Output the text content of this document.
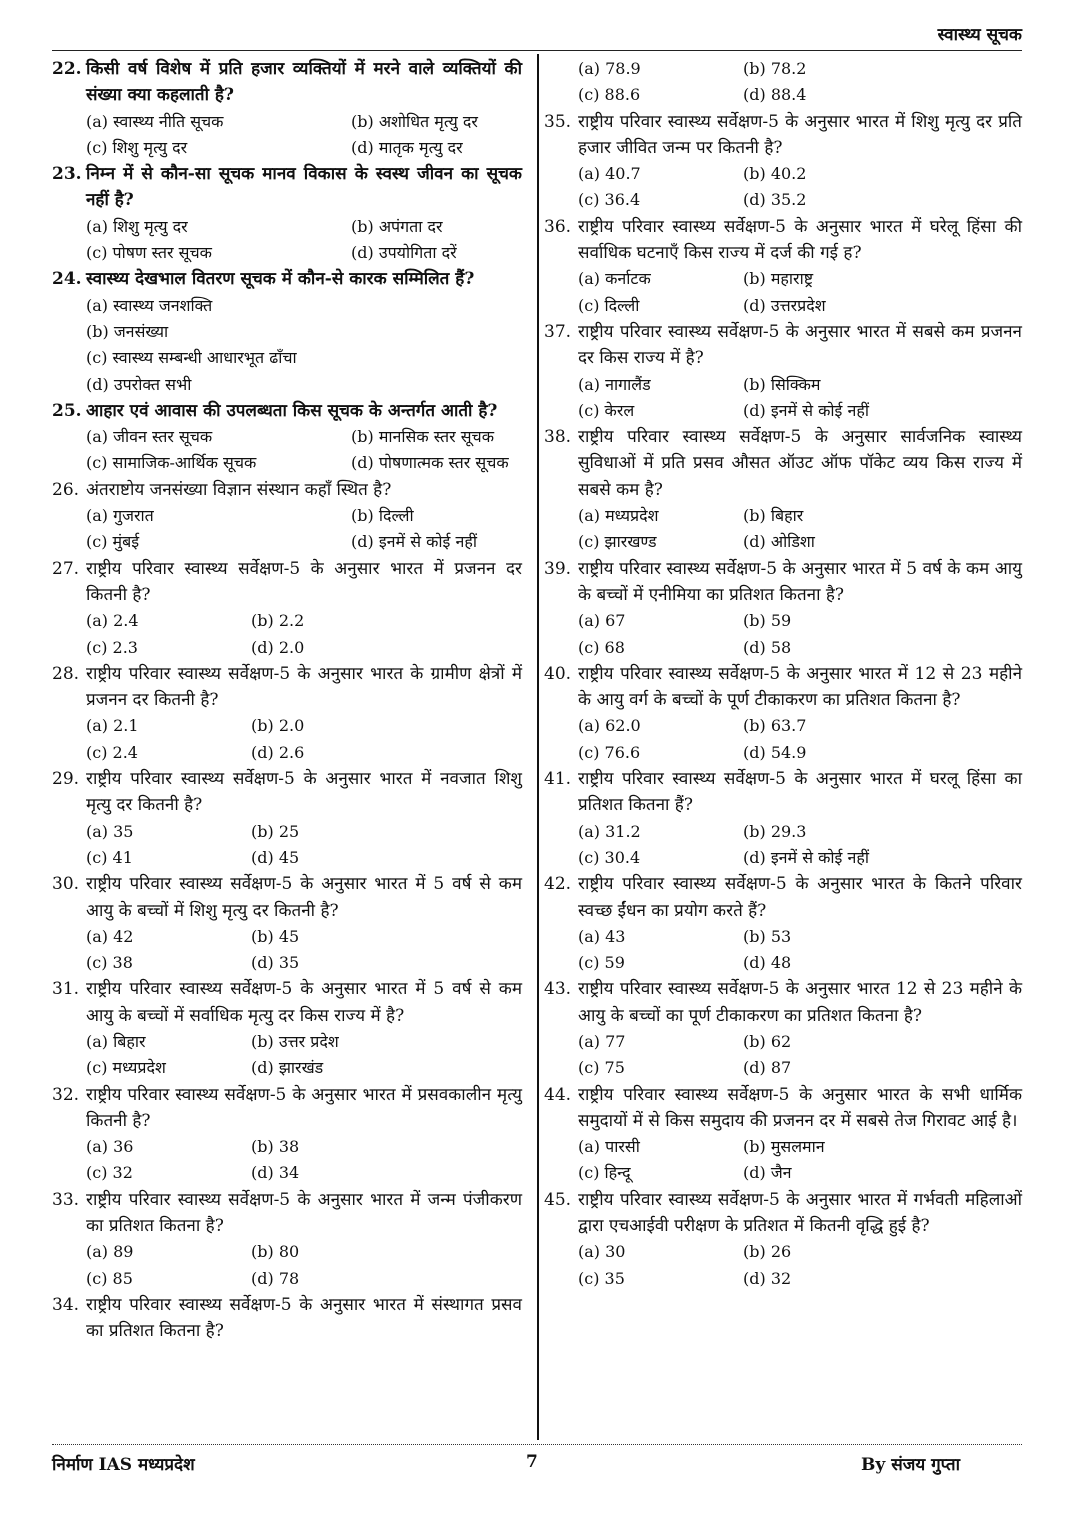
स्वास्थ्य सूचक
22. किसी वर्ष विशेष में प्रति हजार व्यक्तियों में मरने वाले व्यक्तियों की संख्या क्या कहलाती है?
(a) स्वास्थ्य नीति सूचक	(b) अशोधित मृत्यु दर
(c) शिशु मृत्यु दर	(d) मातृक मृत्यु दर
23. निम्न में से कौन-सा सूचक मानव विकास के स्वस्थ जीवन का सूचक नहीं है?
(a) शिशु मृत्यु दर	(b) अपंगता दर
(c) पोषण स्तर सूचक	(d) उपयोगिता दरें
24. स्वास्थ्य देखभाल वितरण सूचक में कौन-से कारक सम्मिलित हैं?
(a) स्वास्थ्य जनशक्ति
(b) जनसंख्या
(c) स्वास्थ्य सम्बन्धी आधारभूत ढाँचा
(d) उपरोक्त सभी
25. आहार एवं आवास की उपलब्धता किस सूचक के अन्तर्गत आती है?
(a) जीवन स्तर सूचक	(b) मानसिक स्तर सूचक
(c) सामाजिक-आर्थिक सूचक	(d) पोषणात्मक स्तर सूचक
26. अंतराष्टोय जनसंख्या विज्ञान संस्थान कहाँ स्थित है?
(a) गुजरात	(b) दिल्ली
(c) मुंबई	(d) इनमें से कोई नहीं
27. राष्ट्रीय परिवार स्वास्थ्य सर्वेक्षण-5 के अनुसार भारत में प्रजनन दर कितनी है?
(a) 2.4	(b) 2.2
(c) 2.3	(d) 2.0
28. राष्ट्रीय परिवार स्वास्थ्य सर्वेक्षण-5 के अनुसार भारत के ग्रामीण क्षेत्रों में प्रजनन दर कितनी है?
(a) 2.1	(b) 2.0
(c) 2.4	(d) 2.6
29. राष्ट्रीय परिवार स्वास्थ्य सर्वेक्षण-5 के अनुसार भारत में नवजात शिशु मृत्यु दर कितनी है?
(a) 35	(b) 25
(c) 41	(d) 45
30. राष्ट्रीय परिवार स्वास्थ्य सर्वेक्षण-5 के अनुसार भारत में 5 वर्ष से कम आयु के बच्चों में शिशु मृत्यु दर कितनी है?
(a) 42	(b) 45
(c) 38	(d) 35
31. राष्ट्रीय परिवार स्वास्थ्य सर्वेक्षण-5 के अनुसार भारत में 5 वर्ष से कम आयु के बच्चों में सर्वाधिक मृत्यु दर किस राज्य में है?
(a) बिहार	(b) उत्तर प्रदेश
(c) मध्यप्रदेश	(d) झारखंड
32. राष्ट्रीय परिवार स्वास्थ्य सर्वेक्षण-5 के अनुसार भारत में प्रसवकालीन मृत्यु कितनी है?
(a) 36	(b) 38
(c) 32	(d) 34
33. राष्ट्रीय परिवार स्वास्थ्य सर्वेक्षण-5 के अनुसार भारत में जन्म पंजीकरण का प्रतिशत कितना है?
(a) 89	(b) 80
(c) 85	(d) 78
34. राष्ट्रीय परिवार स्वास्थ्य सर्वेक्षण-5 के अनुसार भारत में संस्थागत प्रसव का प्रतिशत कितना है?
(a) 78.9	(b) 78.2
(c) 88.6	(d) 88.4
35. राष्ट्रीय परिवार स्वास्थ्य सर्वेक्षण-5 के अनुसार भारत में शिशु मृत्यु दर प्रति हजार जीवित जन्म पर कितनी है?
(a) 40.7	(b) 40.2
(c) 36.4	(d) 35.2
36. राष्ट्रीय परिवार स्वास्थ्य सर्वेक्षण-5 के अनुसार भारत में घरेलू हिंसा की सर्वाधिक घटनाएँ किस राज्य में दर्ज की गई ह?
(a) कर्नाटक	(b) महाराष्ट्र
(c) दिल्ली	(d) उत्तरप्रदेश
37. राष्ट्रीय परिवार स्वास्थ्य सर्वेक्षण-5 के अनुसार भारत में सबसे कम प्रजनन दर किस राज्य में है?
(a) नागालैंड	(b) सिक्किम
(c) केरल	(d) इनमें से कोई नहीं
38. राष्ट्रीय परिवार स्वास्थ्य सर्वेक्षण-5 के अनुसार सार्वजनिक स्वास्थ्य सुविधाओं में प्रति प्रसव औसत ऑउट ऑफ पॉकेट व्यय किस राज्य में सबसे कम है?
(a) मध्यप्रदेश	(b) बिहार
(c) झारखण्ड	(d) ओडिशा
39. राष्ट्रीय परिवार स्वास्थ्य सर्वेक्षण-5 के अनुसार भारत में 5 वर्ष के कम आयु के बच्चों में एनीमिया का प्रतिशत कितना है?
(a) 67	(b) 59
(c) 68	(d) 58
40. राष्ट्रीय परिवार स्वास्थ्य सर्वेक्षण-5 के अनुसार भारत में 12 से 23 महीने के आयु वर्ग के बच्चों के पूर्ण टीकाकरण का प्रतिशत कितना है?
(a) 62.0	(b) 63.7
(c) 76.6	(d) 54.9
41. राष्ट्रीय परिवार स्वास्थ्य सर्वेक्षण-5 के अनुसार भारत में घरलू हिंसा का प्रतिशत कितना हैं?
(a) 31.2	(b) 29.3
(c) 30.4	(d) इनमें से कोई नहीं
42. राष्ट्रीय परिवार स्वास्थ्य सर्वेक्षण-5 के अनुसार भारत के कितने परिवार स्वच्छ ईंधन का प्रयोग करते हैं?
(a) 43	(b) 53
(c) 59	(d) 48
43. राष्ट्रीय परिवार स्वास्थ्य सर्वेक्षण-5 के अनुसार भारत 12 से 23 महीने के आयु के बच्चों का पूर्ण टीकाकरण का प्रतिशत कितना है?
(a) 77	(b) 62
(c) 75	(d) 87
44. राष्ट्रीय परिवार स्वास्थ्य सर्वेक्षण-5 के अनुसार भारत के सभी धार्मिक समुदायों में से किस समुदाय की प्रजनन दर में सबसे तेज गिरावट आई है।
(a) पारसी	(b) मुसलमान
(c) हिन्दू	(d) जैन
45. राष्ट्रीय परिवार स्वास्थ्य सर्वेक्षण-5 के अनुसार भारत में गर्भवती महिलाओं द्वारा एचआईवी परीक्षण के प्रतिशत में कितनी वृद्धि हुई है?
(a) 30	(b) 26
(c) 35	(d) 32
निर्माण IAS मध्यप्रदेश	7	By संजय गुप्ता
